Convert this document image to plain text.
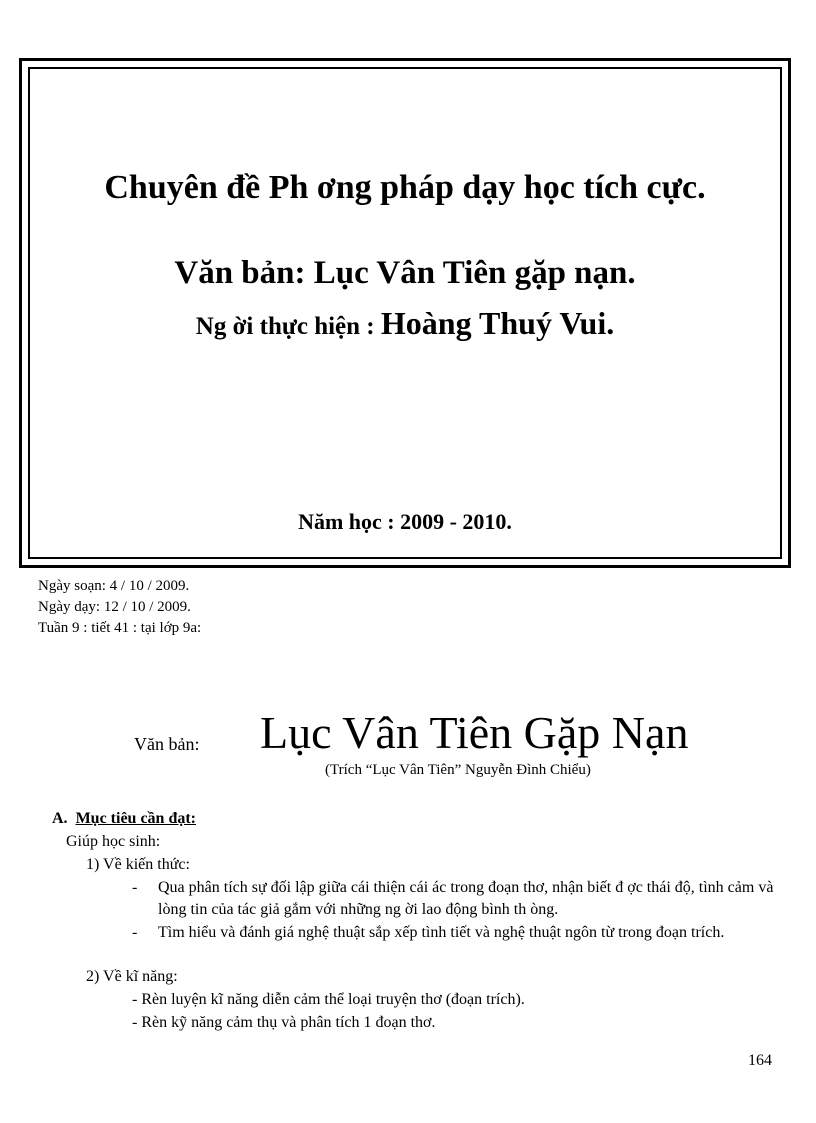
Chuyên đề Ph ơng pháp dạy học tích cực.
Văn bản: Lục Vân Tiên gặp nạn.
Ng ời thực hiện : Hoàng Thuý Vui.
Năm học : 2009 - 2010.
Ngày soạn: 4 / 10 / 2009.
Ngày dạy: 12 / 10 / 2009.
Tuần 9 : tiết 41 : tại lớp 9a:
Văn bản: Lục Vân Tiên Gặp Nạn
(Trích “Lục Vân Tiên” Nguyễn Đình Chiểu)
A. Mục tiêu cần đạt:
Giúp học sinh:
1) Về kiến thức:
- Qua phân tích sự đối lập giữa cái thiện cái ác trong đoạn thơ, nhận biết đ ợc thái độ, tình cảm và lòng tin của tác giả gắm với những ng ời lao động bình th òng.
- Tìm hiểu và đánh giá nghệ thuật sắp xếp tình tiết và nghệ thuật ngôn từ trong đoạn trích.
2) Về kĩ năng:
- Rèn luyện kĩ năng diễn cảm thể loại truyện thơ (đoạn trích).
- Rèn kỹ năng cảm thụ và phân tích 1 đoạn thơ.
164
